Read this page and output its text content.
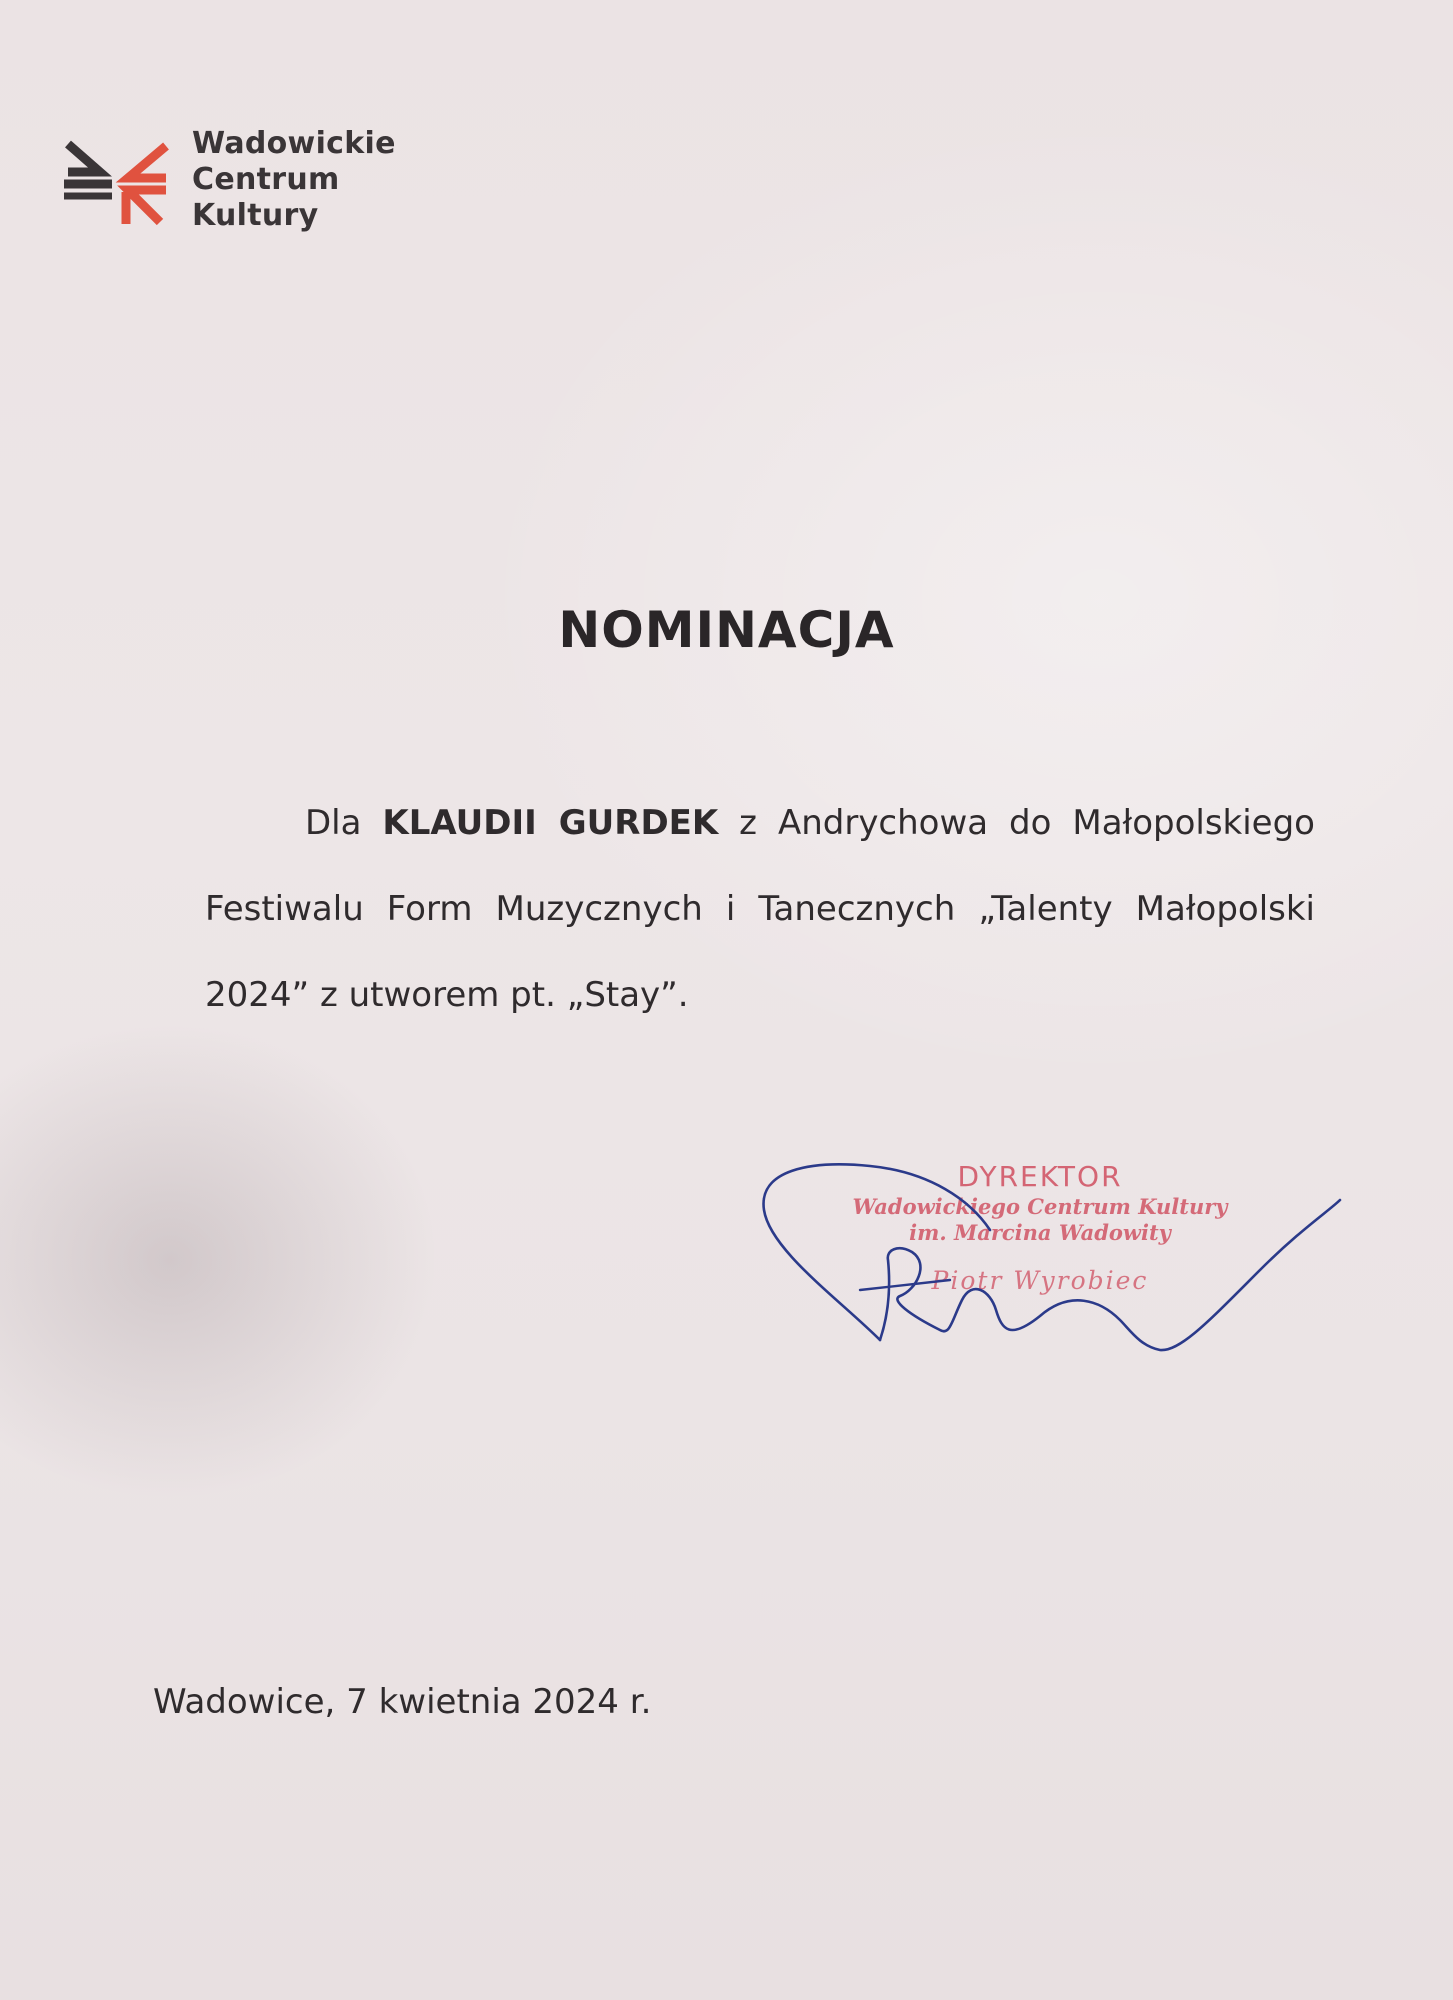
Wadowickie
Centrum
Kultury
NOMINACJA
Dla KLAUDII GURDEK z Andrychowa do Małopolskiego Festiwalu Form Muzycznych i Tanecznych „Talenty Małopolski 2024” z utworem pt. „Stay”.
DYREKTOR
Wadowickiego Centrum Kultury
im. Marcina Wadowity
Piotr Wyrobiec
Wadowice, 7 kwietnia 2024 r.
